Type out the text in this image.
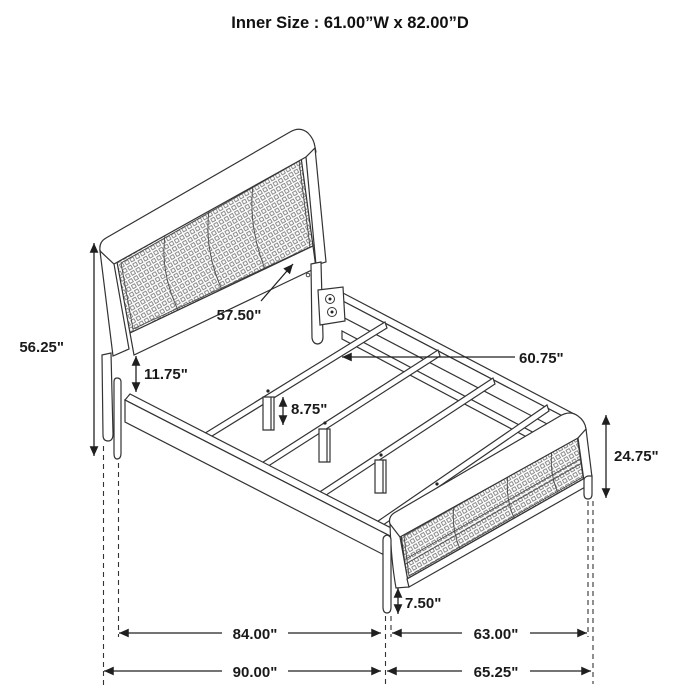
Inner Size : 61.00”W x 82.00”D
56.25"
57.50"
11.75"
8.75"
60.75"
24.75"
7.50"
84.00"	63.00"
90.00"	65.25"
